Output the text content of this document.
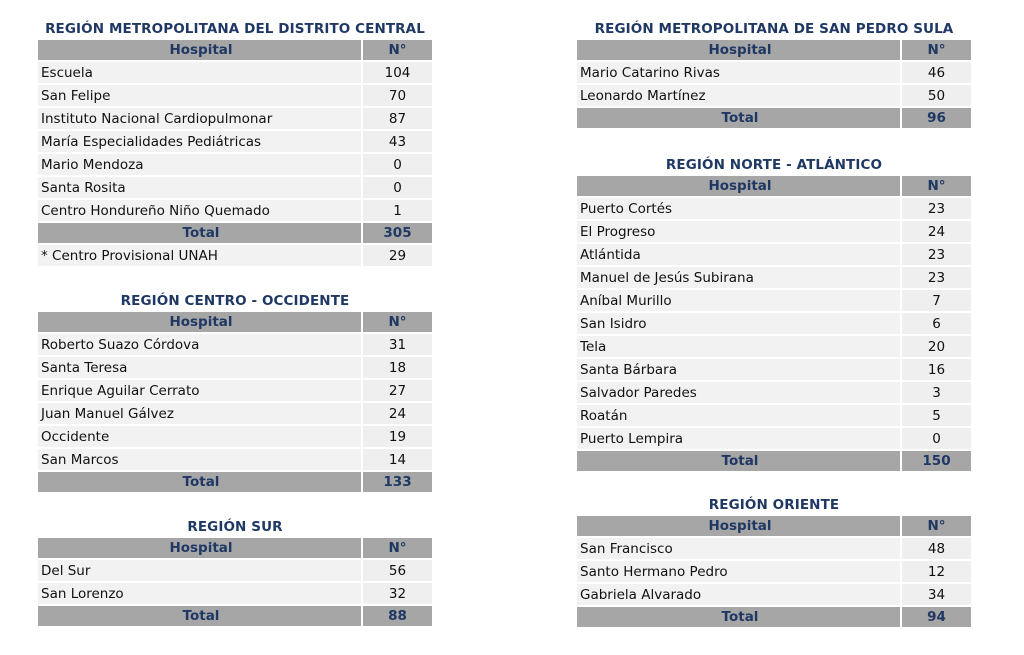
REGIÓN METROPOLITANA DEL DISTRITO CENTRAL
Hospital	N°
Escuela	104
San Felipe	70
Instituto Nacional Cardiopulmonar	87
María Especialidades Pediátricas	43
Mario Mendoza	0
Santa Rosita	0
Centro Hondureño Niño Quemado	1
Total	305
* Centro Provisional UNAH	29
REGIÓN CENTRO - OCCIDENTE
Hospital	N°
Roberto Suazo Córdova	31
Santa Teresa	18
Enrique Aguilar Cerrato	27
Juan Manuel Gálvez	24
Occidente	19
San Marcos	14
Total	133
REGIÓN SUR
Hospital	N°
Del Sur	56
San Lorenzo	32
Total	88
REGIÓN METROPOLITANA DE SAN PEDRO SULA
Hospital	N°
Mario Catarino Rivas	46
Leonardo Martínez	50
Total	96
REGIÓN NORTE - ATLÁNTICO
Hospital	N°
Puerto Cortés	23
El Progreso	24
Atlántida	23
Manuel de Jesús Subirana	23
Aníbal Murillo	7
San Isidro	6
Tela	20
Santa Bárbara	16
Salvador Paredes	3
Roatán	5
Puerto Lempira	0
Total	150
REGIÓN ORIENTE
Hospital	N°
San Francisco	48
Santo Hermano Pedro	12
Gabriela Alvarado	34
Total	94
